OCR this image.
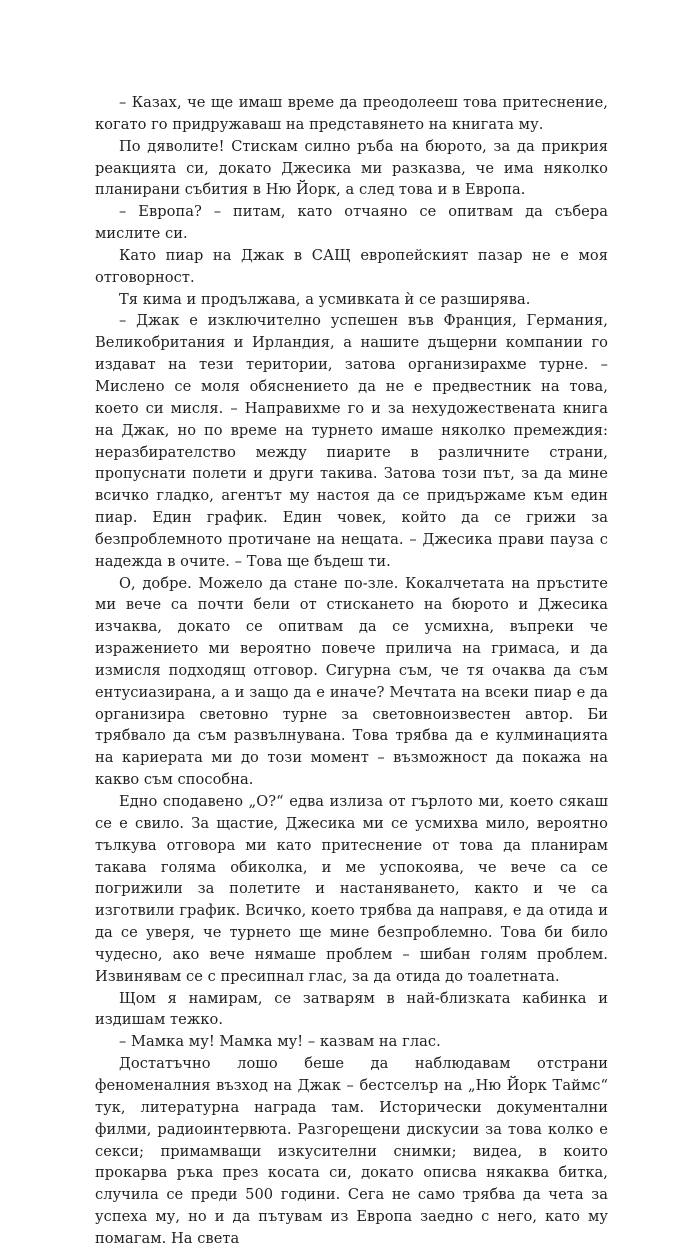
– Казах, че ще имаш време да преодолееш това притеснение, когато го придружаваш на представянето на книгата му.

По дяволите! Стискам силно ръба на бюрото, за да прикрия реакцията си, докато Джесика ми разказва, че има няколко планирани събития в Ню Йорк, а след това и в Европа.

– Европа? – питам, като отчаяно се опитвам да събера мислите си.

Като пиар на Джак в САЩ европейският пазар не е моя отговорност.

Тя кима и продължава, а усмивката ѝ се разширява.

– Джак е изключително успешен във Франция, Германия, Великобритания и Ирландия, а нашите дъщерни компании го издават на тези територии, затова организирахме турне. – Мислено се моля обяснението да не е предвестник на това, което си мисля. – Направихме го и за нехудожествената книга на Джак, но по време на турнето имаше няколко премеждия: неразбирателство между пиарите в различните страни, пропуснати полети и други такива. Затова този път, за да мине всичко гладко, агентът му настоя да се придържаме към един пиар. Един график. Един човек, който да се грижи за безпроблемното протичане на нещата. – Джесика прави пауза с надежда в очите. – Това ще бъдеш ти.

О, добре. Можело да стане по-зле. Кокалчетата на пръстите ми вече са почти бели от стискането на бюрото и Джесика изчаква, докато се опитвам да се усмихна, въпреки че изражението ми вероятно повече прилича на гримаса, и да измисля подходящ отговор. Сигурна съм, че тя очаква да съм ентусиазирана, а и защо да е иначе? Мечтата на всеки пиар е да организира световно турне за световноизвестен автор. Би трябвало да съм развълнувана. Това трябва да е кулминацията на кариерата ми до този момент – възможност да покажа на какво съм способна.

Едно сподавено „О?“ едва излиза от гърлото ми, което сякаш се е свило. За щастие, Джесика ми се усмихва мило, вероятно тълкува отговора ми като притеснение от това да планирам такава голяма обиколка, и ме успокоява, че вече са се погрижили за полетите и настаняването, както и че са изготвили график. Всичко, което трябва да направя, е да отида и да се уверя, че турнето ще мине безпроблемно. Това би било чудесно, ако вече нямаше проблем – шибан голям проблем. Извинявам се с пресипнал глас, за да отида до тоалетната.

Щом я намирам, се затварям в най-близката кабинка и издишам тежко.

– Мамка му! Мамка му! – казвам на глас.

Достатъчно лошо беше да наблюдавам отстрани феноменалния възход на Джак – бестселър на „Ню Йорк Таймс“ тук, литературна награда там. Исторически документални филми, радиоинтервюта. Разгорещени дискусии за това колко е секси; примамващи изкусителни снимки; видеа, в които прокарва ръка през косата си, докато описва някаква битка, случила се преди 500 години. Сега не само трябва да чета за успеха му, но и да пътувам из Европа заедно с него, като му помагам. На света
